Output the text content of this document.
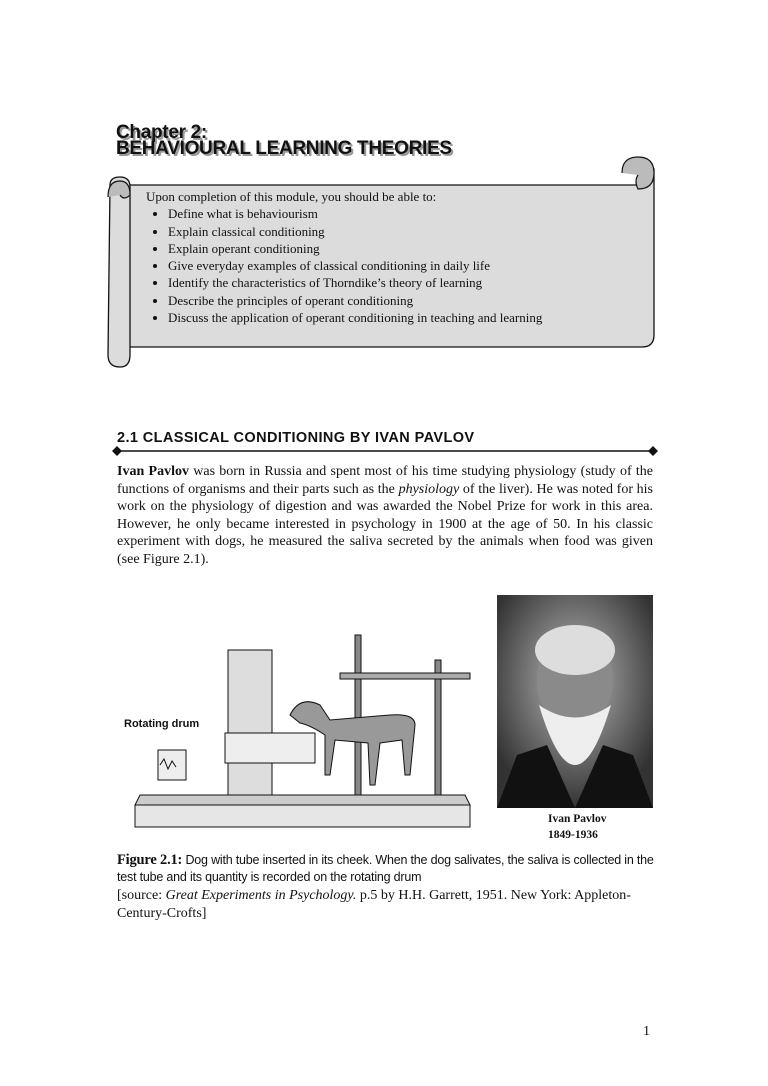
Chapter 2:
BEHAVIOURAL LEARNING THEORIES
Upon completion of this module, you should be able to:
• Define what is behaviourism
• Explain classical conditioning
• Explain operant conditioning
• Give everyday examples of classical conditioning in daily life
• Identify the characteristics of Thorndike’s theory of learning
• Describe the principles of operant conditioning
• Discuss the application of operant conditioning in teaching and learning
2.1 CLASSICAL CONDITIONING BY IVAN PAVLOV
Ivan Pavlov was born in Russia and spent most of his time studying physiology (study of the functions of organisms and their parts such as the physiology of the liver). He was noted for his work on the physiology of digestion and was awarded the Nobel Prize for work in this area. However, he only became interested in psychology in 1900 at the age of 50. In his classic experiment with dogs, he measured the saliva secreted by the animals when food was given (see Figure 2.1).
Rotating drum
Ivan Pavlov
1849-1936
Figure 2.1: Dog with tube inserted in its cheek. When the dog salivates, the saliva is collected in the test tube and its quantity is recorded on the rotating drum
[source: Great Experiments in Psychology. p.5 by H.H. Garrett, 1951. New York: Appleton-Century-Crofts]
1
